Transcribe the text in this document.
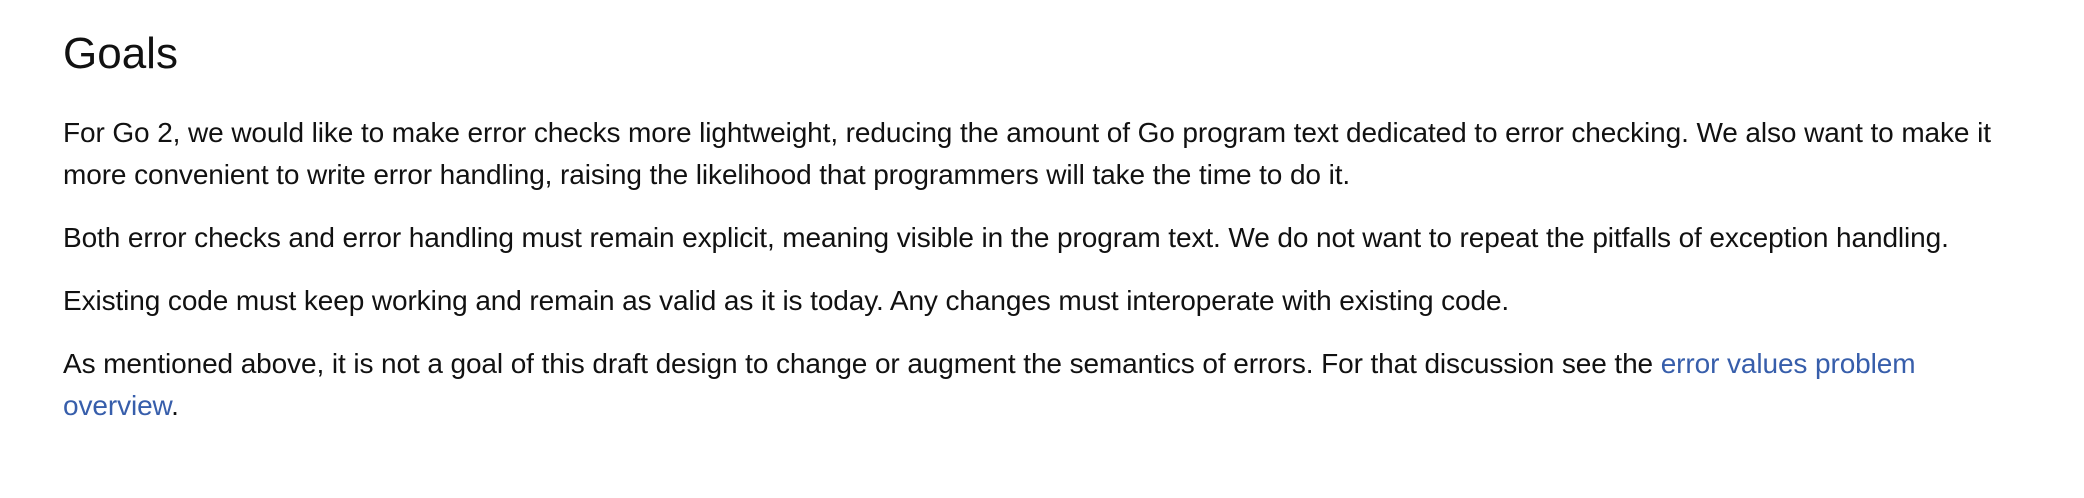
Goals

For Go 2, we would like to make error checks more lightweight, reducing the amount of Go program text dedicated to error checking. We also want to make it more convenient to write error handling, raising the likelihood that programmers will take the time to do it.

Both error checks and error handling must remain explicit, meaning visible in the program text. We do not want to repeat the pitfalls of exception handling.

Existing code must keep working and remain as valid as it is today. Any changes must interoperate with existing code.

As mentioned above, it is not a goal of this draft design to change or augment the semantics of errors. For that discussion see the error values problem overview.
